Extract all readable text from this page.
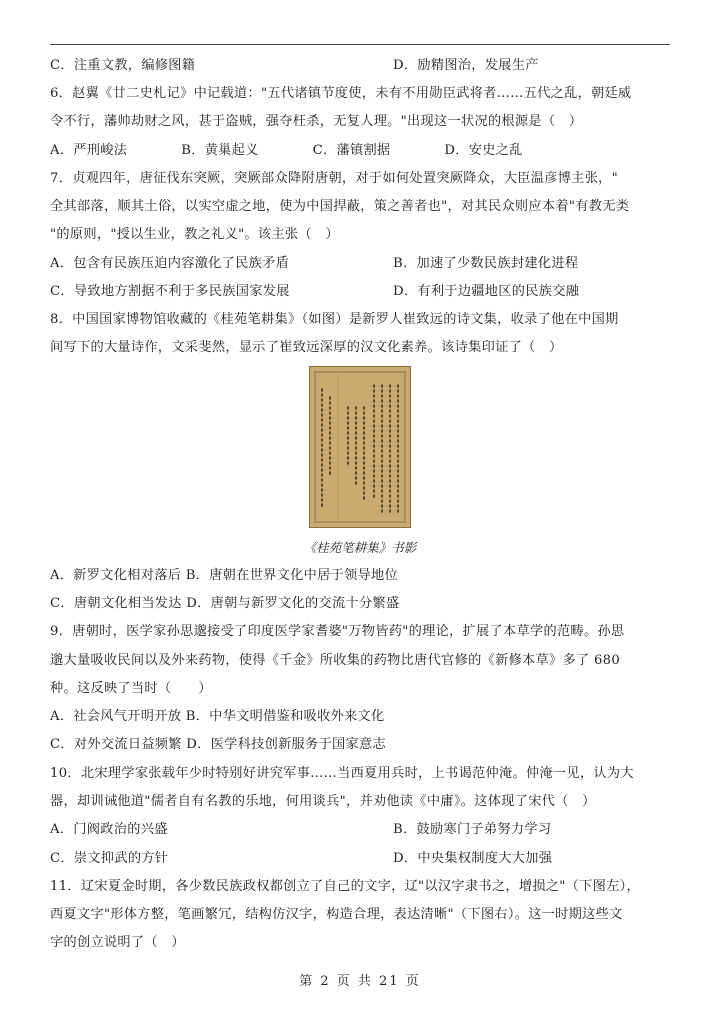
C．注重文教，编修图籍	D．励精图治，发展生产
6．赵翼《廿二史札记》中记载道："五代诸镇节度使，未有不用勋臣武将者……五代之乱，朝廷威
令不行，藩帅劫财之风，甚于盗贼，强夺枉杀，无复人理。"出现这一状况的根源是（　）
A．严刑峻法　　　　B．黄巢起义　　　　C．藩镇割据　　　　D．安史之乱
7．贞观四年，唐征伐东突厥，突厥部众降附唐朝，对于如何处置突厥降众，大臣温彦博主张，"
全其部落，顺其土俗，以实空虚之地，使为中国捍蔽，策之善者也"，对其民众则应本着"有教无类
"的原则，"授以生业，教之礼义"。该主张（　）
A．包含有民族压迫内容激化了民族矛盾	B．加速了少数民族封建化进程
C．导致地方割据不利于多民族国家发展	D．有利于边疆地区的民族交融
8．中国国家博物馆收藏的《桂苑笔耕集》（如图）是新罗人崔致远的诗文集，收录了他在中国期
间写下的大量诗作，文采斐然，显示了崔致远深厚的汉文化素养。该诗集印证了（　）
《桂苑笔耕集》书影
A．新罗文化相对落后 B．唐朝在世界文化中居于领导地位
C．唐朝文化相当发达 D．唐朝与新罗文化的交流十分繁盛
9．唐朝时，医学家孙思邈接受了印度医学家耆婆"万物皆药"的理论，扩展了本草学的范畴。孙思
邈大量吸收民间以及外来药物，使得《千金》所收集的药物比唐代官修的《新修本草》多了 680
种。这反映了当时（　　）
A．社会风气开明开放 B．中华文明借鉴和吸收外来文化
C．对外交流日益频繁 D．医学科技创新服务于国家意志
10．北宋理学家张载年少时特别好讲究军事……当西夏用兵时，上书谒范仲淹。仲淹一见，认为大
器，却训诫他道"儒者自有名教的乐地，何用谈兵"，并劝他读《中庸》。这体现了宋代（　）
A．门阀政治的兴盛	B．鼓励寒门子弟努力学习
C．崇文抑武的方针	D．中央集权制度大大加强
11．辽宋夏金时期，各少数民族政权都创立了自己的文字，辽"以汉字隶书之，增损之"（下图左），
西夏文字"形体方整，笔画繁冗，结构仿汉字，构造合理，表达清晰"（下图右）。这一时期这些文
字的创立说明了（　）
第 2 页 共 21 页
